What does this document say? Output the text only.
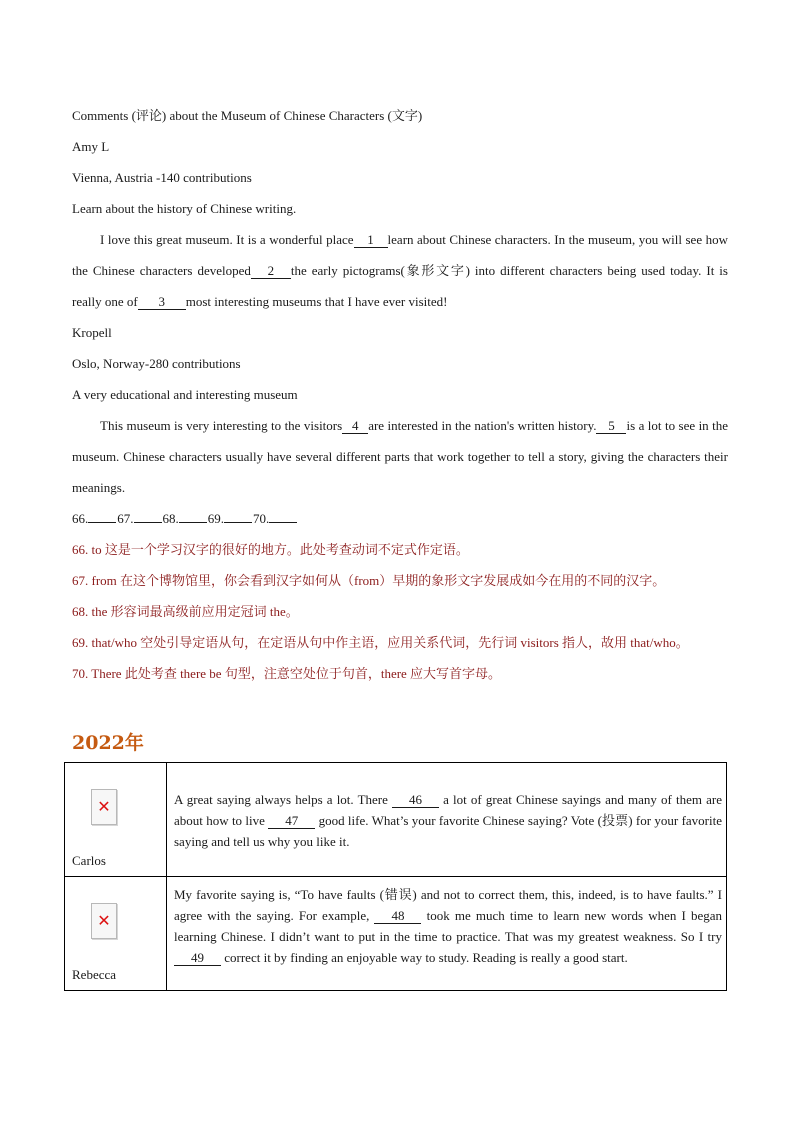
Comments (评论) about the Museum of Chinese Characters (文字)
Amy L
Vienna, Austria -140 contributions
Learn about the history of Chinese writing.

I love this great museum. It is a wonderful place 1 learn about Chinese characters. In the museum, you will see how the Chinese characters developed 2 the early pictograms(象形文字) into different characters being used today. It is really one of 3 most interesting museums that I have ever visited!

Kropell
Oslo, Norway-280 contributions
A very educational and interesting museum

This museum is very interesting to the visitors 4 are interested in the nation's written history. 5 is a lot to see in the museum. Chinese characters usually have several different parts that work together to tell a story, giving the characters their meanings.

66. 67. 68. 69. 70.

66. to 这是一个学习汉字的很好的地方。此处考查动词不定式作定语。

67. from 在这个博物馆里，你会看到汉字如何从（from）早期的象形文字发展成如今在用的不同的汉字。

68. the 形容词最高级前应用定冠词 the。

69. that/who 空处引导定语从句，在定语从句中作主语，应用关系代词，先行词 visitors 指人，故用 that/who。

70. There 此处考查 there be 句型，注意空处位于句首，there 应大写首字母。

2022年
✕
Carlos	A great saying always helps a lot. There 46 a lot of great Chinese sayings and many of them are about how to live 47 good life. What’s your favorite Chinese saying? Vote (投票) for your favorite saying and tell us why you like it.

✕
Rebecca	My favorite saying is, “To have faults (错误) and not to correct them, this, indeed, is to have faults.” I agree with the saying. For example, 48 took me much time to learn new words when I began learning Chinese. I didn’t want to put in the time to practice. That was my greatest weakness. So I try 49 correct it by finding an enjoyable way to study. Reading is really a good start.
